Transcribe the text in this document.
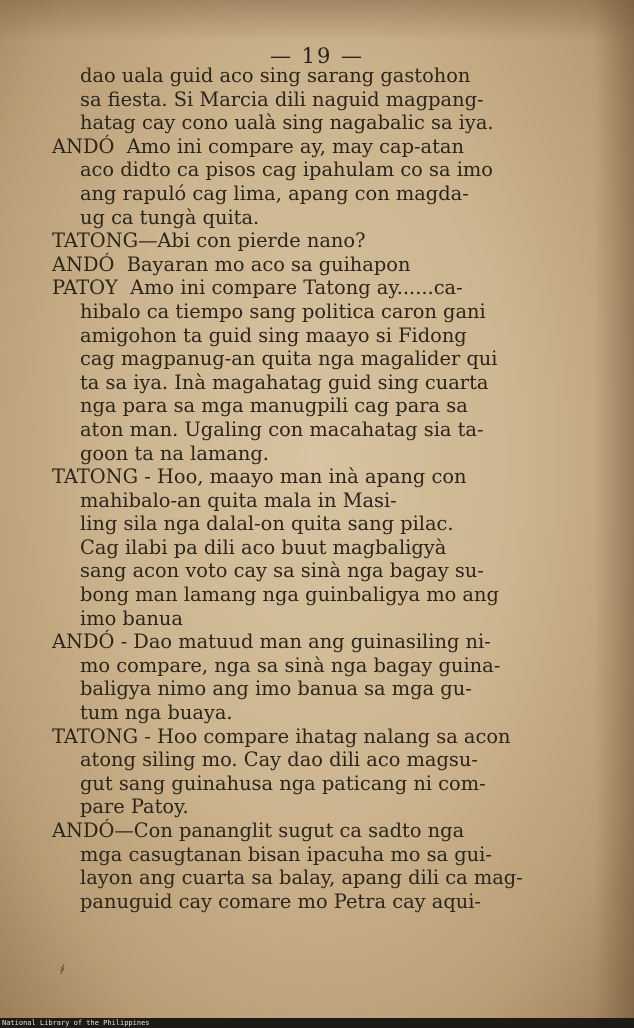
— 19 —
dao uala guid aco sing sarang gastohon
sa fiesta. Si Marcia dili naguid magpang-
hatag cay cono ualà sing nagabalic sa iya.
ANDÓ  Amo ini compare ay, may cap-atan
aco didto ca pisos cag ipahulam co sa imo
ang rapuló cag lima, apang con magda-
ug ca tungà quita.
TATONG—Abi con pierde nano?
ANDÓ  Bayaran mo aco sa guihapon
PATOY  Amo ini compare Tatong ay......ca-
hibalo ca tiempo sang politica caron gani
amigohon ta guid sing maayo si Fidong
cag magpanug-an quita nga magalider qui
ta sa iya. Inà magahatag guid sing cuarta
nga para sa mga manugpili cag para sa
aton man. Ugaling con macahatag sia ta-
goon ta na lamang.
TATONG - Hoo, maayo man inà apang con
mahibalo-an quita mala in Masi-
ling sila nga dalal-on quita sang pilac.
Cag ilabi pa dili aco buut magbaligyà
sang acon voto cay sa sinà nga bagay su-
bong man lamang nga guinbaligya mo ang
imo banua
ANDÓ - Dao matuud man ang guinasiling ni-
mo compare, nga sa sinà nga bagay guina-
baligya nimo ang imo banua sa mga gu-
tum nga buaya.
TATONG - Hoo compare ihatag nalang sa acon
atong siling mo. Cay dao dili aco magsu-
gut sang guinahusa nga paticang ni com-
pare Patoy.
ANDÓ—Con pananglit sugut ca sadto nga
mga casugtanan bisan ipacuha mo sa gui-
layon ang cuarta sa balay, apang dili ca mag-
panuguid cay comare mo Petra cay aqui-
҂
National Library of the Philippines
